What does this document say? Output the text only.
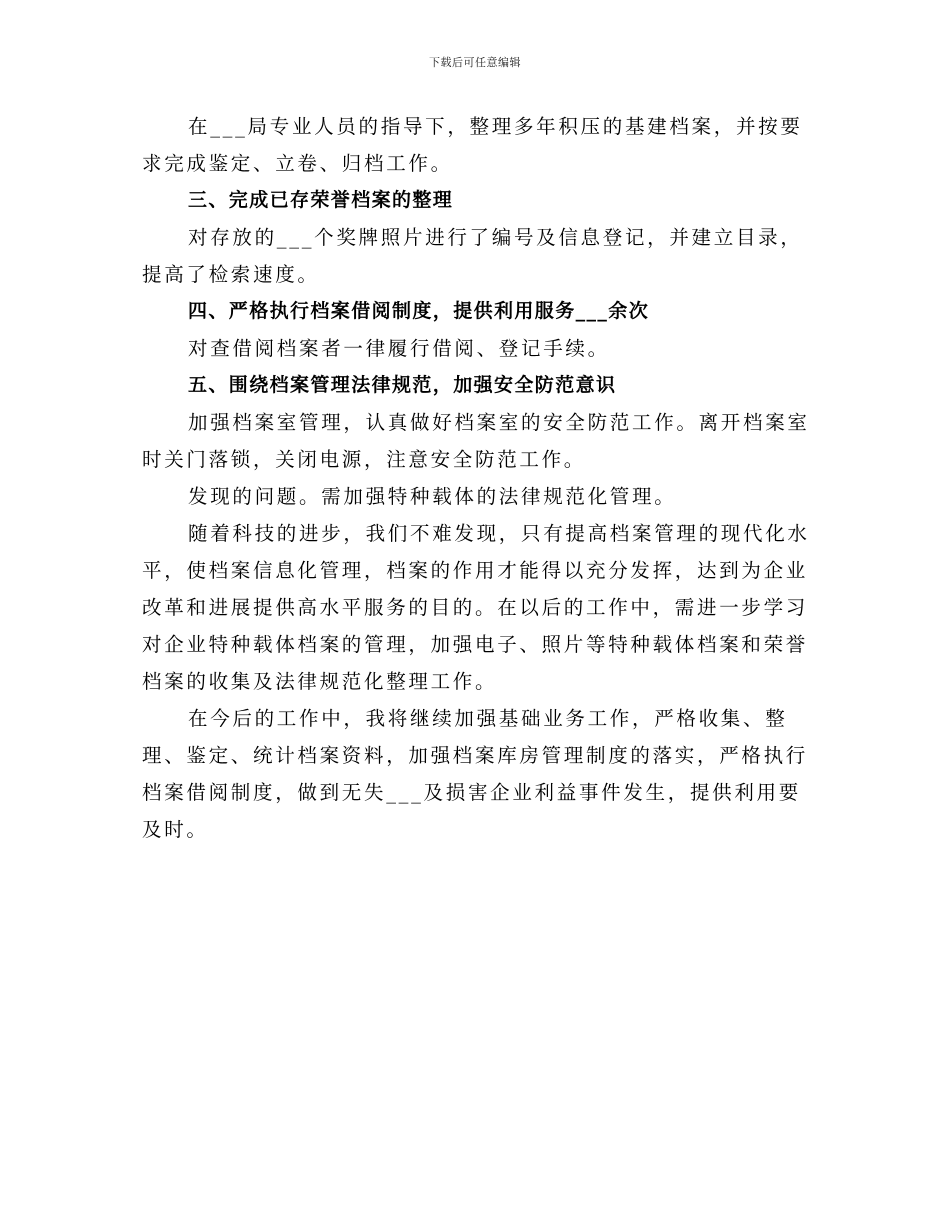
下载后可任意编辑

在___局专业人员的指导下，整理多年积压的基建档案，并按要求完成鉴定、立卷、归档工作。

三、完成已存荣誉档案的整理

对存放的___个奖牌照片进行了编号及信息登记，并建立目录，提高了检索速度。

四、严格执行档案借阅制度，提供利用服务___余次

对查借阅档案者一律履行借阅、登记手续。

五、围绕档案管理法律规范，加强安全防范意识

加强档案室管理，认真做好档案室的安全防范工作。离开档案室时关门落锁，关闭电源，注意安全防范工作。

发现的问题。需加强特种载体的法律规范化管理。

随着科技的进步，我们不难发现，只有提高档案管理的现代化水平，使档案信息化管理，档案的作用才能得以充分发挥，达到为企业改革和进展提供高水平服务的目的。在以后的工作中，需进一步学习对企业特种载体档案的管理，加强电子、照片等特种载体档案和荣誉档案的收集及法律规范化整理工作。

在今后的工作中，我将继续加强基础业务工作，严格收集、整理、鉴定、统计档案资料，加强档案库房管理制度的落实，严格执行档案借阅制度，做到无失___及损害企业利益事件发生，提供利用要及时。
